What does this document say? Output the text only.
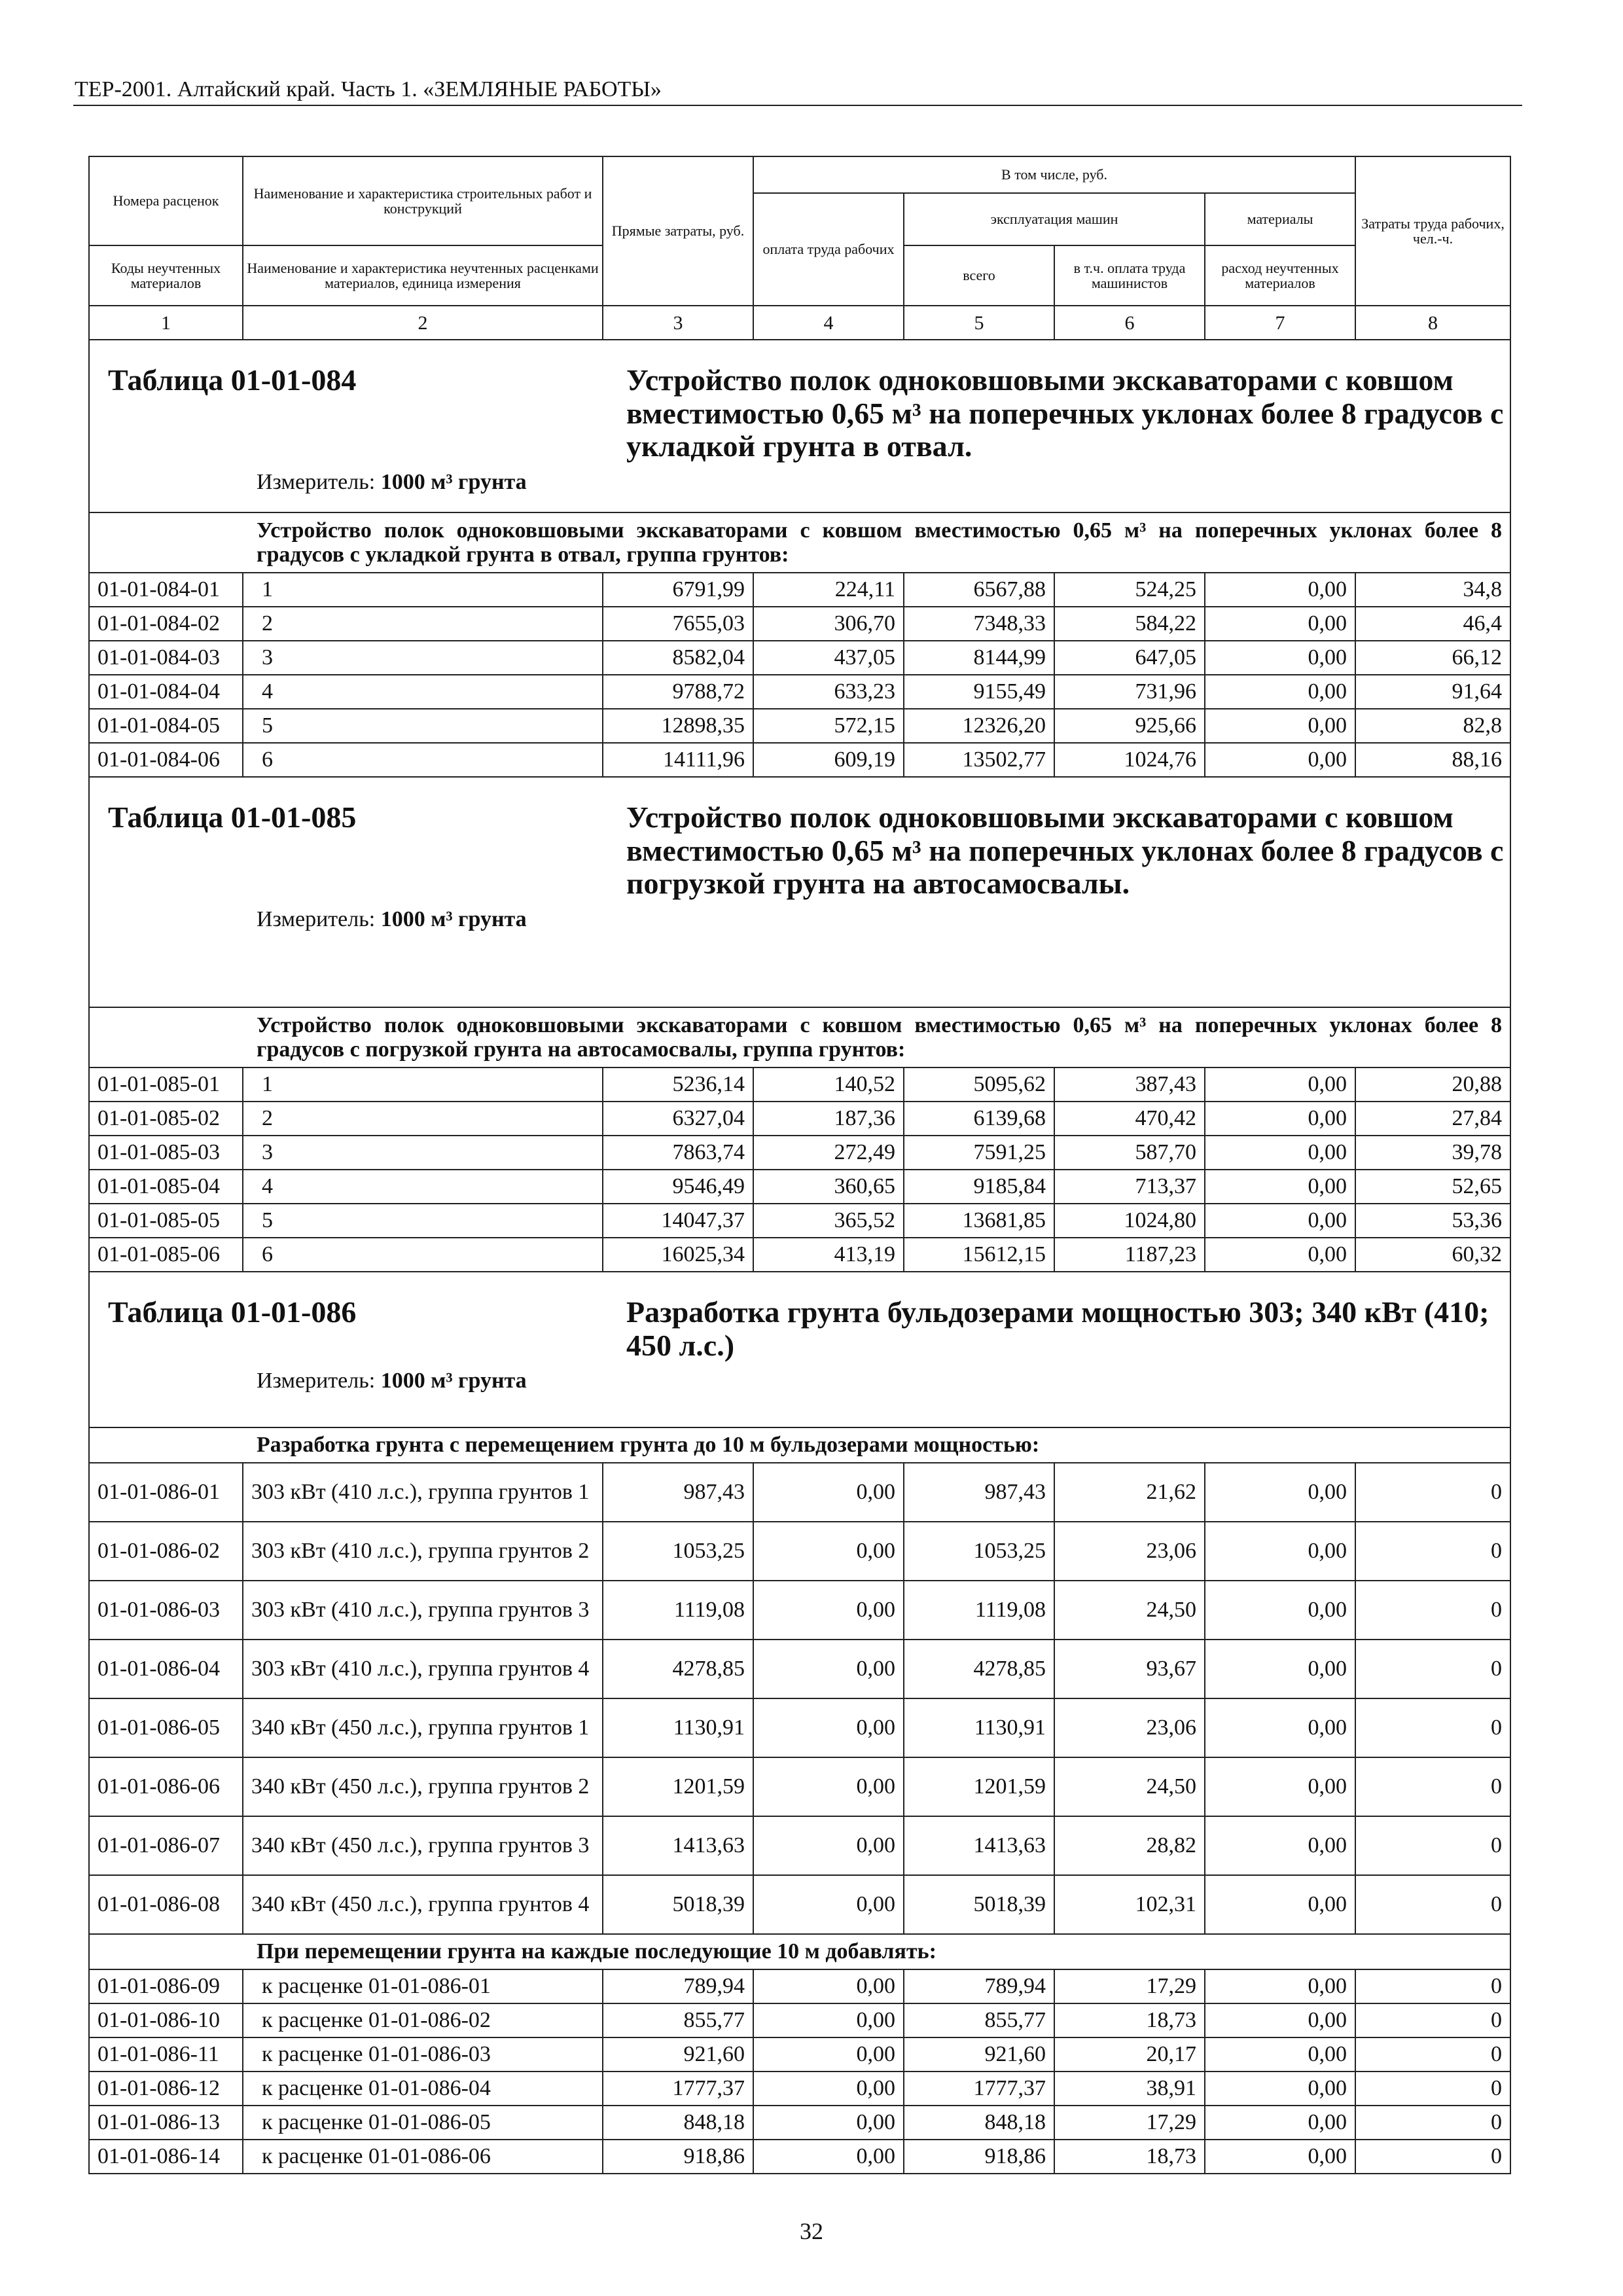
ТЕР-2001. Алтайский край. Часть 1. «ЗЕМЛЯНЫЕ РАБОТЫ»
Номера расценок	Наименование и характеристика строительных работ и конструкций	Прямые затраты, руб.	В том числе, руб.				Затраты труда рабочих, чел.-ч.
			оплата труда рабочих	эксплуатация машин		материалы	
Коды неучтенных материалов	Наименование и характеристика неучтенных расценками материалов, единица измерения			всего	в т.ч. оплата труда машинистов	расход неучтенных материалов	
1	2	3	4	5	6	7	8

Таблица 01-01-084 Устройство полок одноковшовыми экскаваторами с ковшом вместимостью 0,65 м³ на поперечных уклонах более 8 градусов с укладкой грунта в отвал.
Измеритель: 1000 м³ грунта							

Устройство полок одноковшовыми экскаваторами с ковшом вместимостью 0,65 м³ на поперечных уклонах более 8 градусов с укладкой грунта в отвал, группа грунтов:							
01-01-084-01	1	6791,99	224,11	6567,88	524,25	0,00	34,8
01-01-084-02	2	7655,03	306,70	7348,33	584,22	0,00	46,4
01-01-084-03	3	8582,04	437,05	8144,99	647,05	0,00	66,12
01-01-084-04	4	9788,72	633,23	9155,49	731,96	0,00	91,64
01-01-084-05	5	12898,35	572,15	12326,20	925,66	0,00	82,8
01-01-084-06	6	14111,96	609,19	13502,77	1024,76	0,00	88,16

Таблица 01-01-085 Устройство полок одноковшовыми экскаваторами с ковшом вместимостью 0,65 м³ на поперечных уклонах более 8 градусов с погрузкой грунта на автосамосвалы.
Измеритель: 1000 м³ грунта							

Устройство полок одноковшовыми экскаваторами с ковшом вместимостью 0,65 м³ на поперечных уклонах более 8 градусов с погрузкой грунта на автосамосвалы, группа грунтов:							
01-01-085-01	1	5236,14	140,52	5095,62	387,43	0,00	20,88
01-01-085-02	2	6327,04	187,36	6139,68	470,42	0,00	27,84
01-01-085-03	3	7863,74	272,49	7591,25	587,70	0,00	39,78
01-01-085-04	4	9546,49	360,65	9185,84	713,37	0,00	52,65
01-01-085-05	5	14047,37	365,52	13681,85	1024,80	0,00	53,36
01-01-085-06	6	16025,34	413,19	15612,15	1187,23	0,00	60,32

Таблица 01-01-086 Разработка грунта бульдозерами мощностью 303; 340 кВт (410; 450 л.с.)
Измеритель: 1000 м³ грунта							

Разработка грунта с перемещением грунта до 10 м бульдозерами мощностью:							
01-01-086-01	303 кВт (410 л.с.), группа грунтов 1	987,43	0,00	987,43	21,62	0,00	0
01-01-086-02	303 кВт (410 л.с.), группа грунтов 2	1053,25	0,00	1053,25	23,06	0,00	0
01-01-086-03	303 кВт (410 л.с.), группа грунтов 3	1119,08	0,00	1119,08	24,50	0,00	0
01-01-086-04	303 кВт (410 л.с.), группа грунтов 4	4278,85	0,00	4278,85	93,67	0,00	0
01-01-086-05	340 кВт (450 л.с.), группа грунтов 1	1130,91	0,00	1130,91	23,06	0,00	0
01-01-086-06	340 кВт (450 л.с.), группа грунтов 2	1201,59	0,00	1201,59	24,50	0,00	0
01-01-086-07	340 кВт (450 л.с.), группа грунтов 3	1413,63	0,00	1413,63	28,82	0,00	0
01-01-086-08	340 кВт (450 л.с.), группа грунтов 4	5018,39	0,00	5018,39	102,31	0,00	0
При перемещении грунта на каждые последующие 10 м добавлять:							
01-01-086-09	к расценке 01-01-086-01	789,94	0,00	789,94	17,29	0,00	0
01-01-086-10	к расценке 01-01-086-02	855,77	0,00	855,77	18,73	0,00	0
01-01-086-11	к расценке 01-01-086-03	921,60	0,00	921,60	20,17	0,00	0
01-01-086-12	к расценке 01-01-086-04	1777,37	0,00	1777,37	38,91	0,00	0
01-01-086-13	к расценке 01-01-086-05	848,18	0,00	848,18	17,29	0,00	0
01-01-086-14	к расценке 01-01-086-06	918,86	0,00	918,86	18,73	0,00	0
32
